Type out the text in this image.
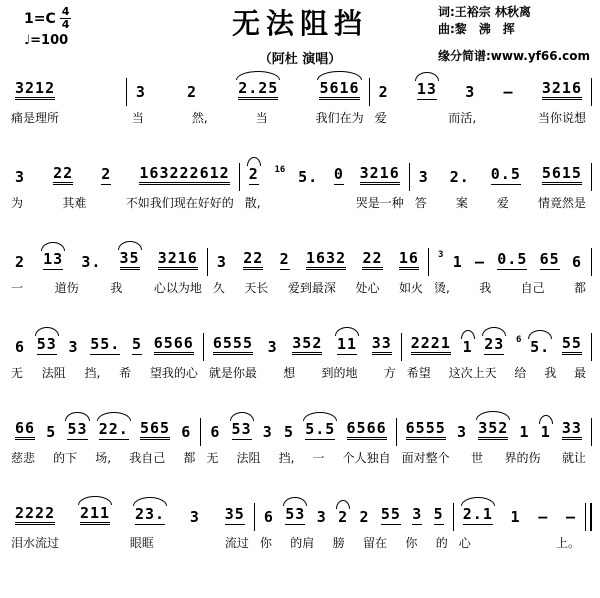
$1=C \frac{4}{4}$
♩=100
无法阻挡
（阿杜 演唱）
词:王裕宗 林秋离
曲:黎　沸　挥
缘分简谱:www.yf66.com
3212
痛是理所
3	2	2.25	5616
当	然,	当	我们在为
2 13 3 — 3216
爱	而活,	当你说想
3 22 2 163222612
为	其难	不如我们现在好好的
2 16 5. 0 3216
散,	哭是一种
3 2. 0.5 5615
答 案 爱 情竟然是
2 13 3. 35 3216
一	道伤	我	心以为地
3 22 2 1632 22 16
久 天长 爱到最深 处心 如火
3 1 — 0.5 65 6
烫, 我 自己 都
6 53 3 55. 5 6566
无 法阻 挡, 希 望我的心
6555 3 352 11 33
就是你最 想 到的地 方
2221 1 23 6 5. 55
希望 这次上天 给 我 最
66 5 53 22. 565 6
慈悲 的下 场, 我自己 都
6 53 3 5 5.5 6566
无 法阻 挡, 一 个人独自
6555 3 352 1 1 33
面对整个 世 界的伤 就让
2222 211 23. 3 35
泪水流过	眼眶	流过
6 53 3 2 2 55 3 5
你 的肩 膀 留在 你 的
2.1 1 — —
心	上。
